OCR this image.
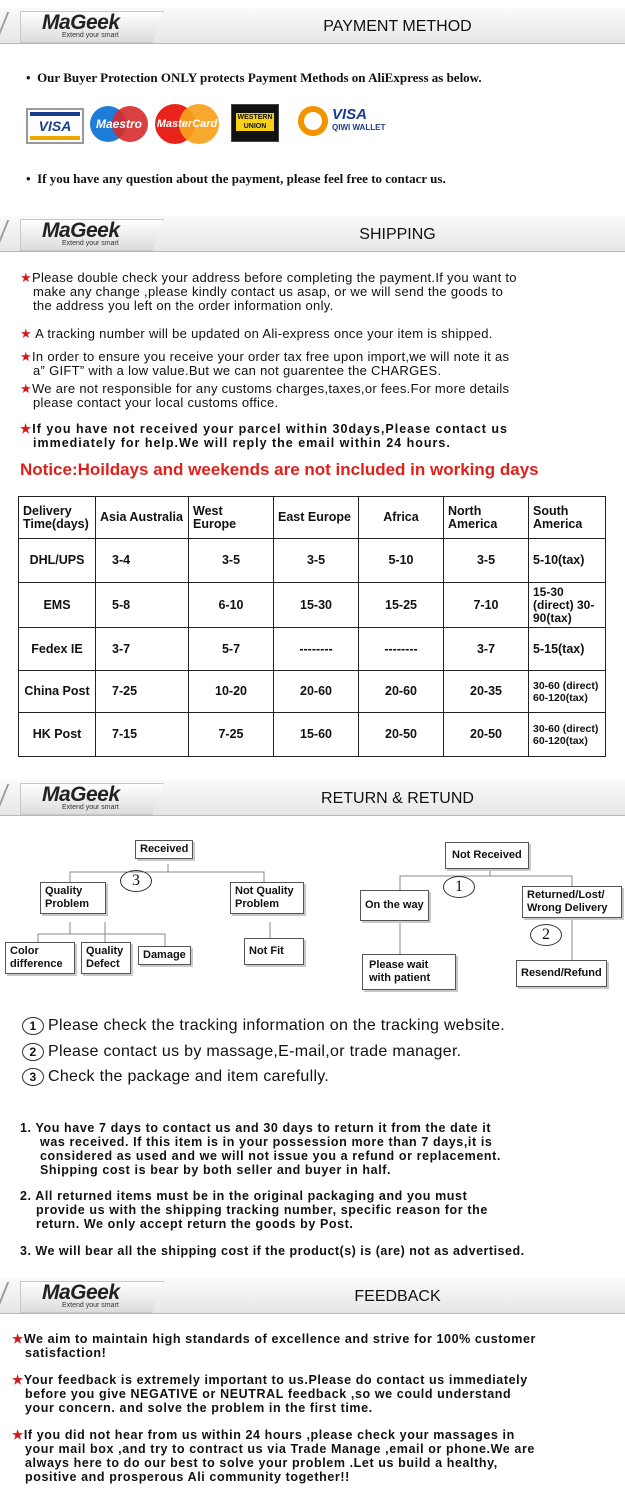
MaGeek
Extend your smart
PAYMENT METHOD
•  Our Buyer Protection ONLY protects Payment Methods on AliExpress as below.
VISA	Maestro	MasterCard
WESTERN UNION
VISA
QIWI WALLET
•  If you have any question about the payment, please feel free to contacr us.
MaGeek
Extend your smart
SHIPPING
★Please double check your address before completing the payment.If you want to
make any change ,please kindly contact us asap, or we will send the goods to
the address you left on the order information only.
★ A tracking number will be updated on Ali-express once your item is shipped.
★In order to ensure you receive your order tax free upon import,we will note it as
a” GIFT” with a low value.But we can not guarentee the CHARGES.
★We are not responsible for any customs charges,taxes,or fees.For more details
please contact your local customs office.
★If you have not received your parcel within 30days,Please contact us
immediately for help.We will reply the email within 24 hours.
Notice:Hoildays and weekends are not included in working days
Delivery Time(days)	Asia Australia	West Europe	East Europe	Africa	North America	South America
DHL/UPS	3-4	3-5	3-5	5-10	3-5	5-10(tax)
EMS	5-8	6-10	15-30	15-25	7-10	15-30 (direct) 30-90(tax)
Fedex IE	3-7	5-7	--------	--------	3-7	5-15(tax)
China Post	7-25	10-20	20-60	20-60	20-35	30-60 (direct) 60-120(tax)
HK Post	7-15	7-25	15-60	20-50	20-50	30-60 (direct) 60-120(tax)
MaGeek
Extend your smart
RETURN & RETUND
Received
3
Quality Problem
Not Quality Problem
Color difference
Quality Defect
Damage	Not Fit
Not Received
1
On the way
Returned/Lost/ Wrong Delivery
2
Please wait with patient	Resend/Refund
1 Please check the tracking information on the tracking website.
2 Please contact us by massage,E-mail,or trade manager.
3 Check the package and item carefully.
1. You have 7 days to contact us and 30 days to return it from the date it
was received. If this item is in your possession more than 7 days,it is
considered as used and we will not issue you a refund or replacement.
Shipping cost is bear by both seller and buyer in half.
2. All returned items must be in the original packaging and you must
provide us with the shipping tracking number, specific reason for the
return. We only accept return the goods by Post.
3. We will bear all the shipping cost if the product(s) is (are) not as advertised.
MaGeek
Extend your smart
FEEDBACK
★We aim to maintain high standards of excellence and strive for 100% customer
satisfaction!
★Your feedback is extremely important to us.Please do contact us immediately
before you give NEGATIVE or NEUTRAL feedback ,so we could understand
your concern. and solve the problem in the first time.
★If you did not hear from us within 24 hours ,please check your massages in
your mail box ,and try to contract us via Trade Manage ,email or phone.We are
always here to do our best to solve your problem .Let us build a healthy,
positive and prosperous Ali community together!!
